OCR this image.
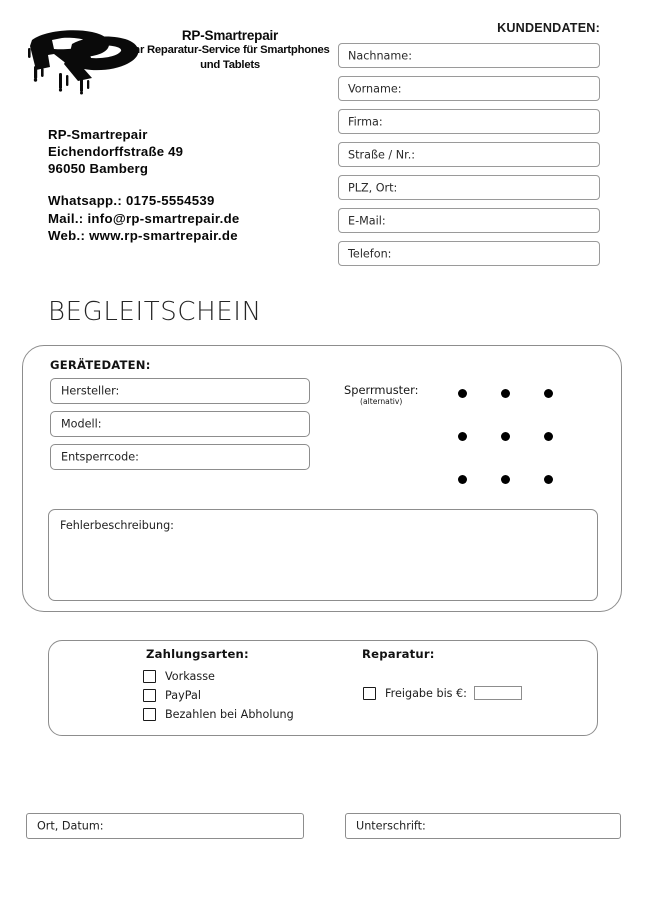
RP-Smartrepair
Ihr Reparatur-Service für Smartphones
und Tablets
KUNDENDATEN:
Nachname:
Vorname:
Firma:
Straße / Nr.:
PLZ, Ort:
E-Mail:
Telefon:
RP-Smartrepair
Eichendorffstraße 49
96050 Bamberg
Whatsapp.: 0175-5554539
Mail.: info@rp-smartrepair.de
Web.: www.rp-smartrepair.de
BEGLEITSCHEIN
GERÄTEDATEN:
Hersteller:
Modell:
Entsperrcode:
Sperrmuster:
(alternativ)
Fehlerbeschreibung:
Zahlungsarten:	Reparatur:
Vorkasse
PayPal
Bezahlen bei Abholung
Freigabe bis €:
Ort, Datum:	Unterschrift:
